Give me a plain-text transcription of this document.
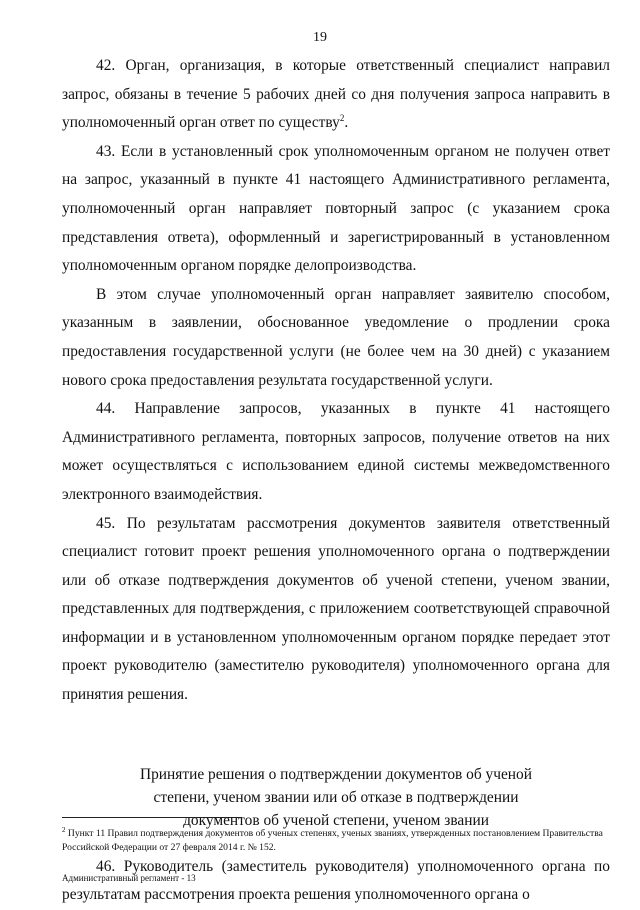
19

42. Орган, организация, в которые ответственный специалист направил запрос, обязаны в течение 5 рабочих дней со дня получения запроса направить в уполномоченный орган ответ по существу$^2$.

43. Если в установленный срок уполномоченным органом не получен ответ на запрос, указанный в пункте 41 настоящего Административного регламента, уполномоченный орган направляет повторный запрос (с указанием срока представления ответа), оформленный и зарегистрированный в установленном уполномоченным органом порядке делопроизводства.

В этом случае уполномоченный орган направляет заявителю способом, указанным в заявлении, обоснованное уведомление о продлении срока предоставления государственной услуги (не более чем на 30 дней) с указанием нового срока предоставления результата государственной услуги.

44. Направление запросов, указанных в пункте 41 настоящего Административного регламента, повторных запросов, получение ответов на них может осуществляться с использованием единой системы межведомственного электронного взаимодействия.

45. По результатам рассмотрения документов заявителя ответственный специалист готовит проект решения уполномоченного органа о подтверждении или об отказе подтверждения документов об ученой степени, ученом звании, представленных для подтверждения, с приложением соответствующей справочной информации и в установленном уполномоченным органом порядке передает этот проект руководителю (заместителю руководителя) уполномоченного органа для принятия решения.

Принятие решения о подтверждении документов об ученой
степени, ученом звании или об отказе в подтверждении
документов об ученой степени, ученом звании

46. Руководитель (заместитель руководителя) уполномоченного органа по результатам рассмотрения проекта решения уполномоченного органа о

$^2$ Пункт 11 Правил подтверждения документов об ученых степенях, ученых званиях, утвержденных постановлением Правительства Российской Федерации от 27 февраля 2014 г. № 152.
Административный регламент - 13
